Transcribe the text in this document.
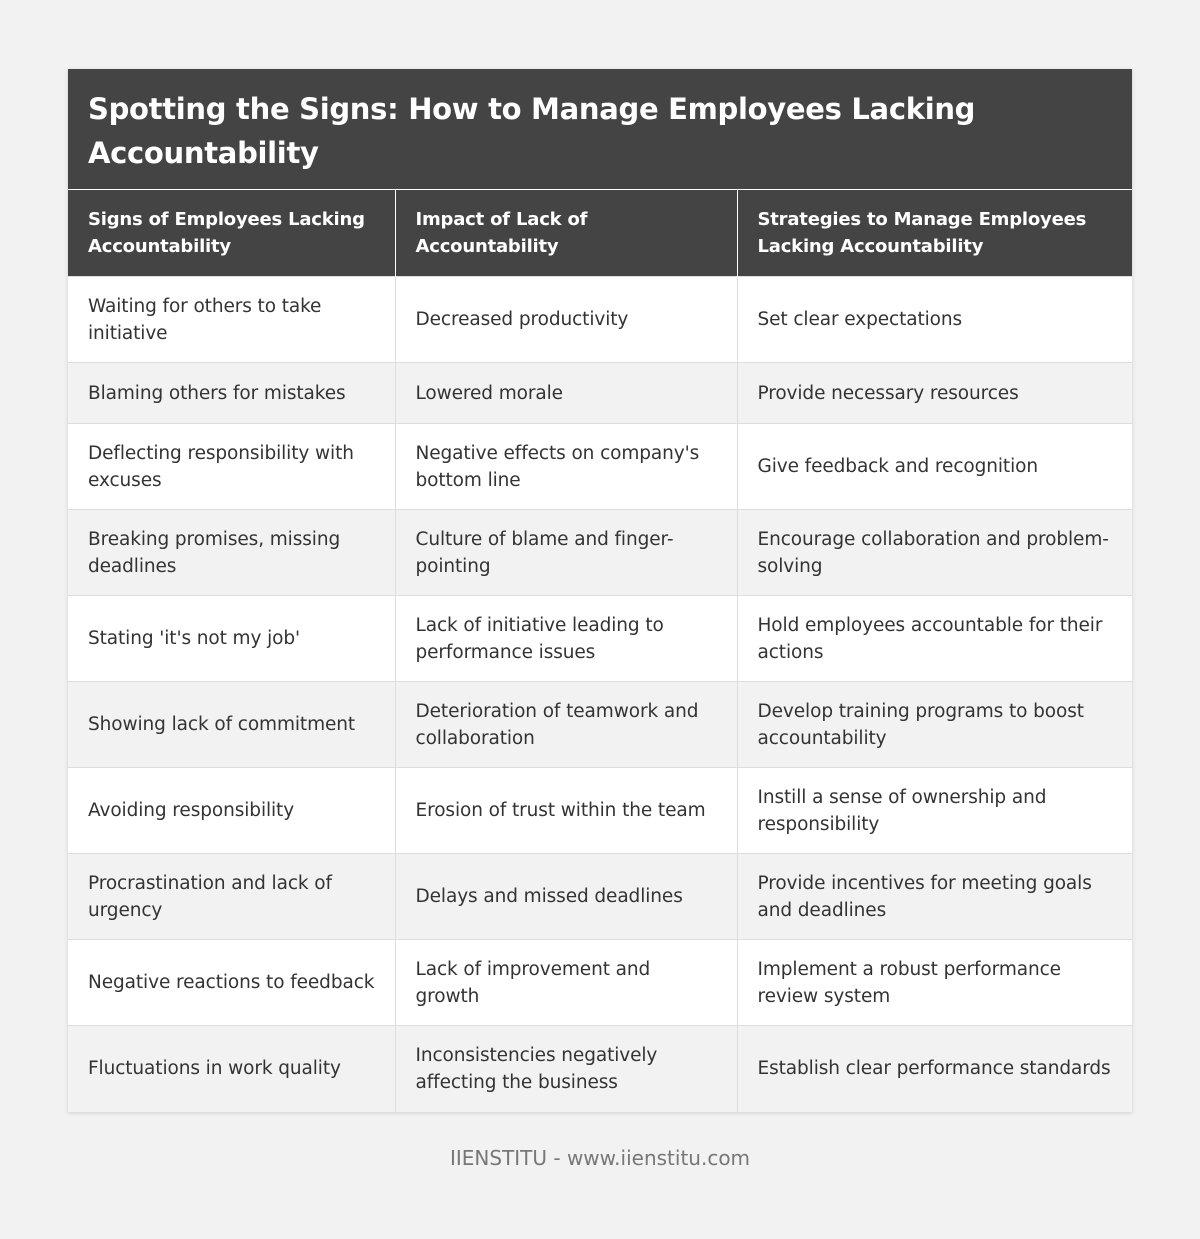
Spotting the Signs: How to Manage Employees Lacking Accountability
Signs of Employees Lacking Accountability	Impact of Lack of Accountability	Strategies to Manage Employees Lacking Accountability
Waiting for others to take initiative	Decreased productivity	Set clear expectations
Blaming others for mistakes	Lowered morale	Provide necessary resources
Deflecting responsibility with excuses	Negative effects on company's bottom line	Give feedback and recognition
Breaking promises, missing deadlines	Culture of blame and finger-pointing	Encourage collaboration and problem-solving
Stating 'it's not my job'	Lack of initiative leading to performance issues	Hold employees accountable for their actions
Showing lack of commitment	Deterioration of teamwork and collaboration	Develop training programs to boost accountability
Avoiding responsibility	Erosion of trust within the team	Instill a sense of ownership and responsibility
Procrastination and lack of urgency	Delays and missed deadlines	Provide incentives for meeting goals and deadlines
Negative reactions to feedback	Lack of improvement and growth	Implement a robust performance review system
Fluctuations in work quality	Inconsistencies negatively affecting the business	Establish clear performance standards
IIENSTITU - www.iienstitu.com
